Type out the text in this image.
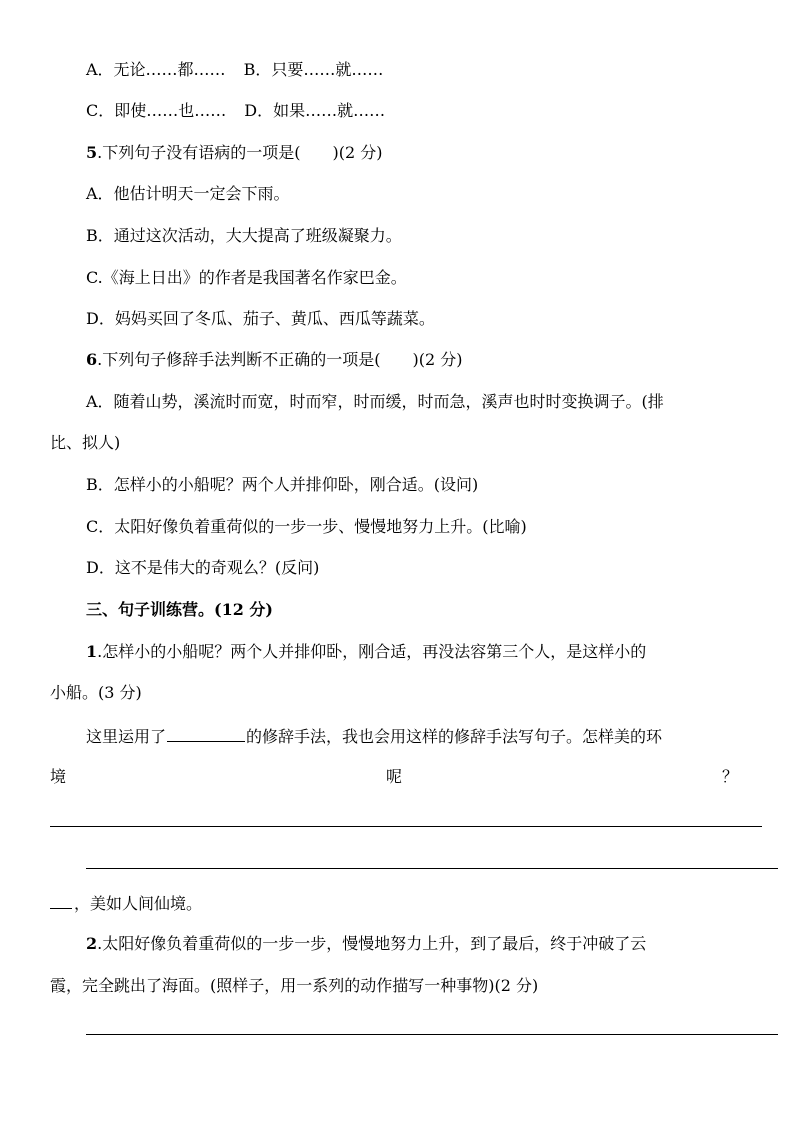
A．无论……都…… B．只要……就……
C．即使……也…… D．如果……就……
5.下列句子没有语病的一项是(　　)(2 分)
A．他估计明天一定会下雨。
B．通过这次活动，大大提高了班级凝聚力。
C.《海上日出》的作者是我国著名作家巴金。
D．妈妈买回了冬瓜、茄子、黄瓜、西瓜等蔬菜。
6.下列句子修辞手法判断不正确的一项是(　　)(2 分)
A．随着山势，溪流时而宽，时而窄，时而缓，时而急，溪声也时时变换调子。(排
比、拟人)
B．怎样小的小船呢？两个人并排仰卧，刚合适。(设问)
C．太阳好像负着重荷似的一步一步、慢慢地努力上升。(比喻)
D．这不是伟大的奇观么？(反问)
三、句子训练营。(12 分)
1.怎样小的小船呢？两个人并排仰卧，刚合适，再没法容第三个人，是这样小的
小船。(3 分)
这里运用了	的修辞手法，我也会用这样的修辞手法写句子。怎样美的环
境	呢	？
，美如人间仙境。
2.太阳好像负着重荷似的一步一步，慢慢地努力上升，到了最后，终于冲破了云
霞，完全跳出了海面。(照样子，用一系列的动作描写一种事物)(2 分)
